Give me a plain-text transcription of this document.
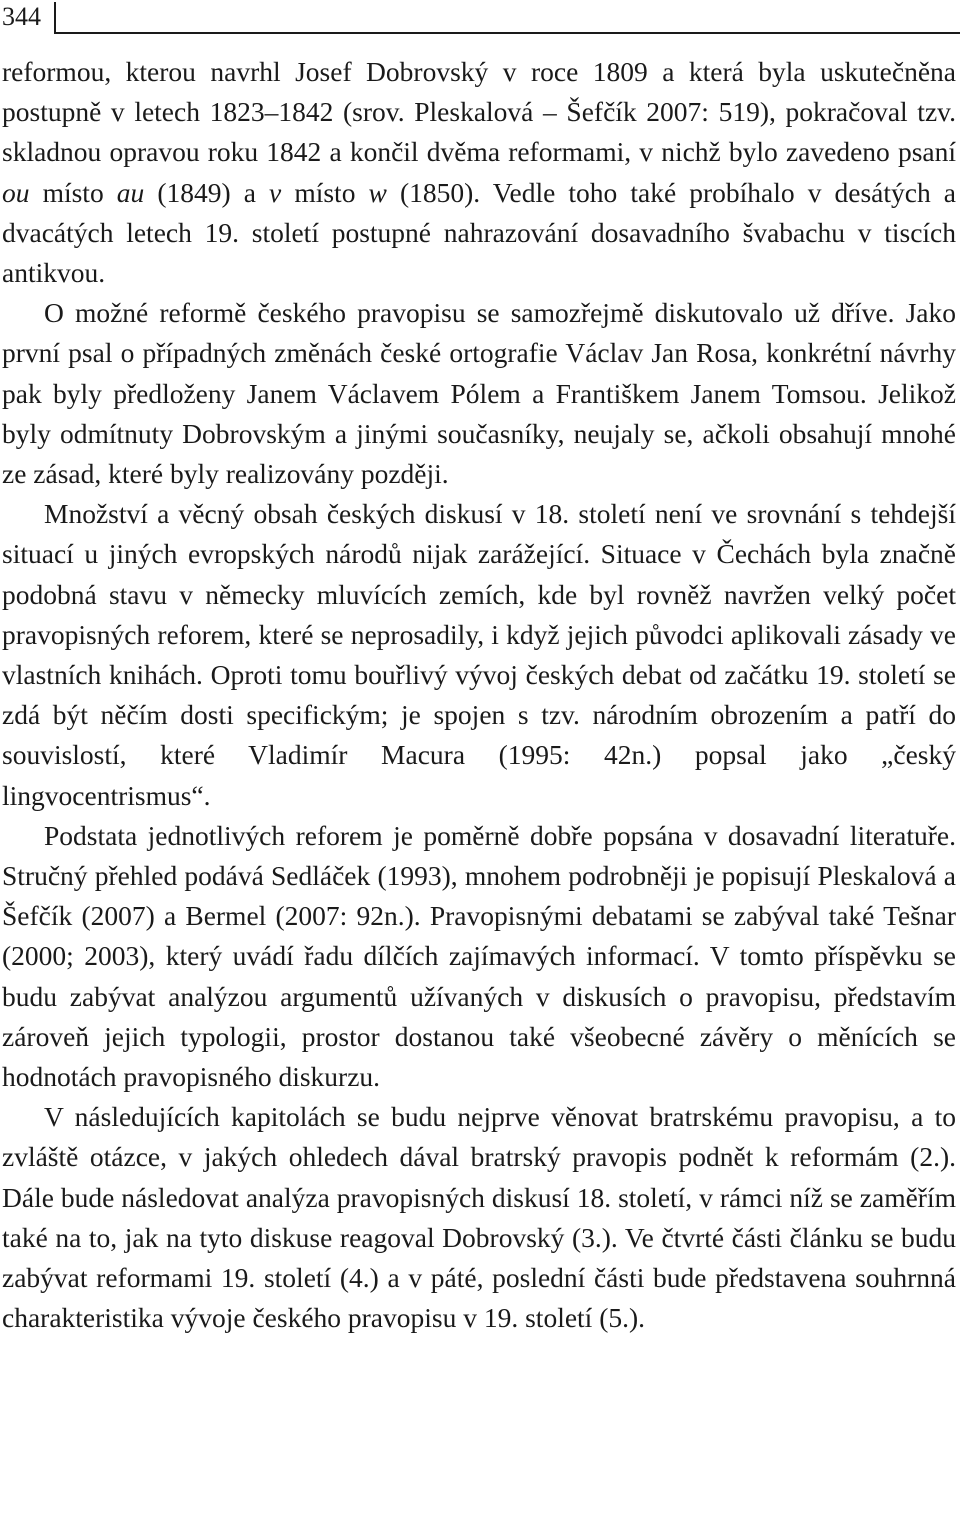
344

reformou, kterou navrhl Josef Dobrovský v roce 1809 a která byla uskutečněna postupně v letech 1823–1842 (srov. Pleskalová – Šefčík 2007: 519), pokračoval tzv. skladnou opravou roku 1842 a končil dvěma reformami, v nichž bylo zavedeno psaní ou místo au (1849) a v místo w (1850). Vedle toho také probíhalo v desátých a dvacátých letech 19. století postupné nahrazování dosavadního švabachu v tiscích antikvou.

O možné reformě českého pravopisu se samozřejmě diskutovalo už dříve. Jako první psal o případných změnách české ortografie Václav Jan Rosa, konkrétní návrhy pak byly předloženy Janem Václavem Pólem a Františkem Janem Tomsou. Jelikož byly odmítnuty Dobrovským a jinými současníky, neujaly se, ačkoli obsahují mnohé ze zásad, které byly realizovány později.

Množství a věcný obsah českých diskusí v 18. století není ve srovnání s tehdejší situací u jiných evropských národů nijak zarážející. Situace v Čechách byla značně podobná stavu v německy mluvících zemích, kde byl rovněž navržen velký počet pravopisných reforem, které se neprosadily, i když jejich původci aplikovali zásady ve vlastních knihách. Oproti tomu bouřlivý vývoj českých debat od začátku 19. století se zdá být něčím dosti specifickým; je spojen s tzv. národním obrozením a patří do souvislostí, které Vladimír Macura (1995: 42n.) popsal jako „český lingvocentrismus“.

Podstata jednotlivých reforem je poměrně dobře popsána v dosavadní literatuře. Stručný přehled podává Sedláček (1993), mnohem podrobněji je popisují Pleskalová a Šefčík (2007) a Bermel (2007: 92n.). Pravopisnými debatami se zabýval také Tešnar (2000; 2003), který uvádí řadu dílčích zajímavých informací. V tomto příspěvku se budu zabývat analýzou argumentů užívaných v diskusích o pravopisu, představím zároveň jejich typologii, prostor dostanou také všeobecné závěry o měnících se hodnotách pravopisného diskurzu.

V následujících kapitolách se budu nejprve věnovat bratrskému pravopisu, a to zvláště otázce, v jakých ohledech dával bratrský pravopis podnět k reformám (2.). Dále bude následovat analýza pravopisných diskusí 18. století, v rámci níž se zaměřím také na to, jak na tyto diskuse reagoval Dobrovský (3.). Ve čtvrté části článku se budu zabývat reformami 19. století (4.) a v páté, poslední části bude představena souhrnná charakteristika vývoje českého pravopisu v 19. století (5.).
